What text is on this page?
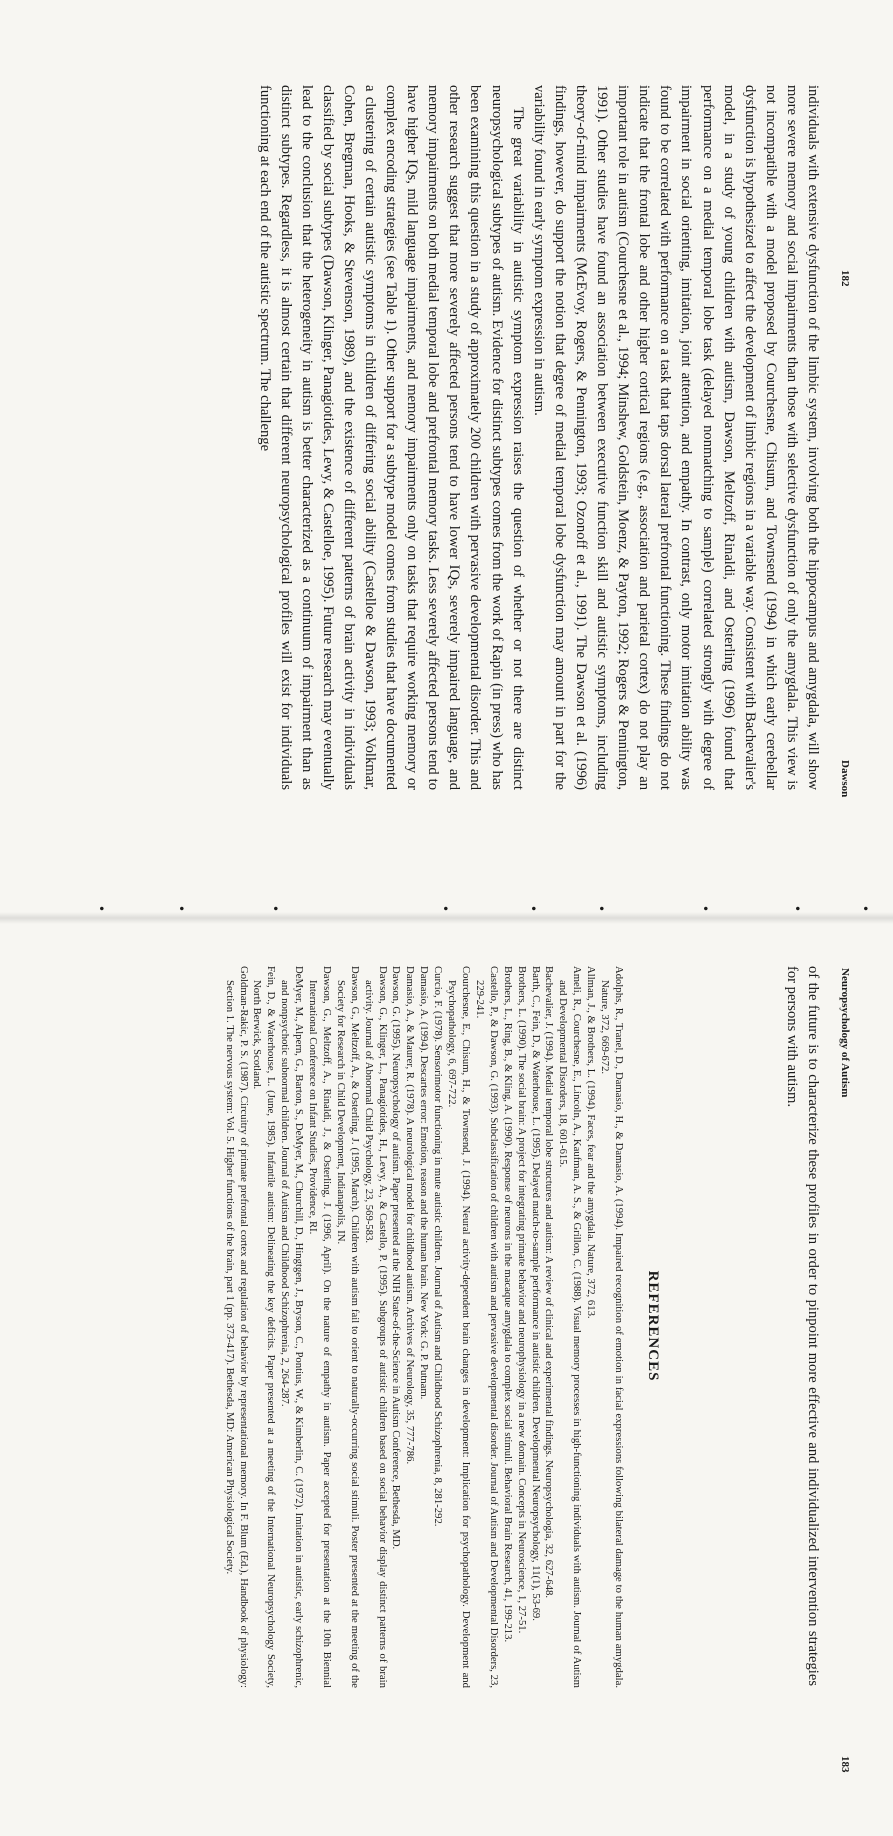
182
Dawson

individuals with extensive dysfunction of the limbic system, involving both the hippocampus and amygdala, will show more severe memory and social impairments than those with selective dysfunction of only the amygdala. This view is not incompatible with a model proposed by Courchesne, Chisum, and Townsend (1994) in which early cerebellar dysfunction is hypothesized to affect the development of limbic regions in a variable way. Consistent with Bachevalier's model, in a study of young children with autism, Dawson, Meltzoff, Rinaldi, and Osterling (1996) found that performance on a medial temporal lobe task (delayed nonmatching to sample) correlated strongly with degree of impairment in social orienting, imitation, joint attention, and empathy. In contrast, only motor imitation ability was found to be correlated with performance on a task that taps dorsal lateral prefrontal functioning. These findings do not indicate that the frontal lobe and other higher cortical regions (e.g., association and parietal cortex) do not play an important role in autism (Courchesne et al., 1994; Minshew, Goldstein, Moenz, & Payton, 1992; Rogers & Pennington, 1991). Other studies have found an association between executive function skill and autistic symptoms, including theory-of-mind impairments (McEvoy, Rogers, & Pennington, 1993; Ozonoff et al., 1991). The Dawson et al. (1996) findings, however, do support the notion that degree of medial temporal lobe dysfunction may amount in part for the variability found in early symptom expression in autism.

The great variability in autistic symptom expression raises the question of whether or not there are distinct neuropsychological subtypes of autism. Evidence for distinct subtypes comes from the work of Rapin (in press) who has been examining this question in a study of approximately 200 children with pervasive developmental disorder. This and other research suggest that more severely affected persons tend to have lower IQs, severely impaired language, and memory impairments on both medial temporal lobe and prefrontal memory tasks. Less severely affected persons tend to have higher IQs, mild language impairments, and memory impairments only on tasks that require working memory or complex encoding strategies (see Table 1). Other support for a subtype model comes from studies that have documented a clustering of certain autistic symptoms in children of differing social ability (Castelloe & Dawson, 1993; Volkmar, Cohen, Bregman, Hooks, & Stevenson, 1989), and the existence of different patterns of brain activity in individuals classified by social subtypes (Dawson, Klinger, Panagiotides, Lewy, & Castelloe, 1995). Future research may eventually lead to the conclusion that the heterogeneity in autism is better characterized as a continuum of impairment than as distinct subtypes. Regardless, it is almost certain that different neuropsychological profiles will exist for individuals functioning at each end of the autistic spectrum. The challenge

•
•
•
•
•
•
•
•
•
Neuropsychology of Autism
183

of the future is to characterize these profiles in order to pinpoint more effective and individualized intervention strategies for persons with autism.

REFERENCES

Adolphs, R., Tranel, D., Damasio, H., & Damasio, A. (1994). Impaired recognition of emotion in facial expressions following bilateral damage to the human amygdala. Nature, 372, 669-672.

Allman, J., & Brothers, L. (1994). Faces, fear and the amygdala. Nature, 372, 613.

Ameli, R., Courchesne, E., Lincoln, A., Kaufman, A. S., & Grillon, C. (1988). Visual memory processes in high-functioning individuals with autism. Journal of Autism and Developmental Disorders, 18, 601-615.

Bachevalier, J. (1994). Medial temporal lobe structures and autism: A review of clinical and experimental findings. Neuropsychologia, 32, 627-648.

Barth, C., Fein, D., & Waterhouse, L. (1995). Delayed match-to-sample performance in autistic children. Developmental Neuropsychology, 11(1), 53-69.

Brothers, L. (1990). The social brain: A project for integrating primate behavior and neurophysiology in a new domain. Concepts in Neuroscience, 1, 27-51.

Brothers, L., Ring, B., & Kling, A. (1990). Response of neurons in the macaque amygdala to complex social stimuli. Behavioral Brain Research, 41, 199-213.

Castello, P., & Dawson, G. (1993). Subclassification of children with autism and pervasive developmental disorder. Journal of Autism and Developmental Disorders, 23, 229-241.

Courchesne, E., Chisum, H., & Townsend, J. (1994). Neural activity-dependent brain changes in development: Implication for psychopathology. Development and Psychopathology, 6, 697-722.

Curcio, F. (1978). Sensorimotor functioning in mute autistic children. Journal of Autism and Childhood Schizophrenia, 8, 281-292.

Damasio, A. (1994). Descartes error: Emotion, reason and the human brain. New York: G. P. Putnam.

Damasio, A., & Maurer, R. (1978). A neurological model for childhood autism. Archives of Neurology, 35, 777-786.

Dawson, G. (1995). Neuropsychology of autism. Paper presented at the NIH State-of-the-Science in Autism Conference, Bethesda, MD.

Dawson, G., Klinger, L., Panagiotides, H., Lewy, A., & Castello, P. (1995). Subgroups of autistic children based on social behavior display distinct patterns of brain activity. Journal of Abnormal Child Psychology, 23, 569-583.

Dawson, G., Meltzoff, A., & Osterling, J. (1995, March). Children with autism fail to orient to naturally-occurring social stimuli. Poster presented at the meeting of the Society for Research in Child Development, Indianapolis, IN.

Dawson, G., Meltzoff, A., Rinaldi, J., & Osterling, J. (1996, April). On the nature of empathy in autism. Paper accepted for presentation at the 10th Biennial International Conference on Infant Studies, Providence, RI.

DeMyer, M., Alpern, G., Barton, S., DeMyer, M., Churchill, D., Hingtgen, J., Bryson, C., Pontius, W., & Kimberlin, C. (1972). Imitation in autistic, early schizophrenic, and nonpsychotic subnormal children. Journal of Autism and Childhood Schizophrenia, 2, 264-287.

Fein, D., & Waterhouse, L. (June, 1985). Infantile autism: Delineating the key deficits. Paper presented at a meeting of the International Neuropsychology Society, North Berwick, Scotland.

Goldman-Rakic, P. S. (1987). Circuitry of primate prefrontal cortex and regulation of behavior by representational memory. In F. Blum (Ed.), Handbook of physiology: Section 1. The nervous system: Vol. 5. Higher functions of the brain, part 1 (pp. 373-417). Bethesda, MD: American Physiological Society.
